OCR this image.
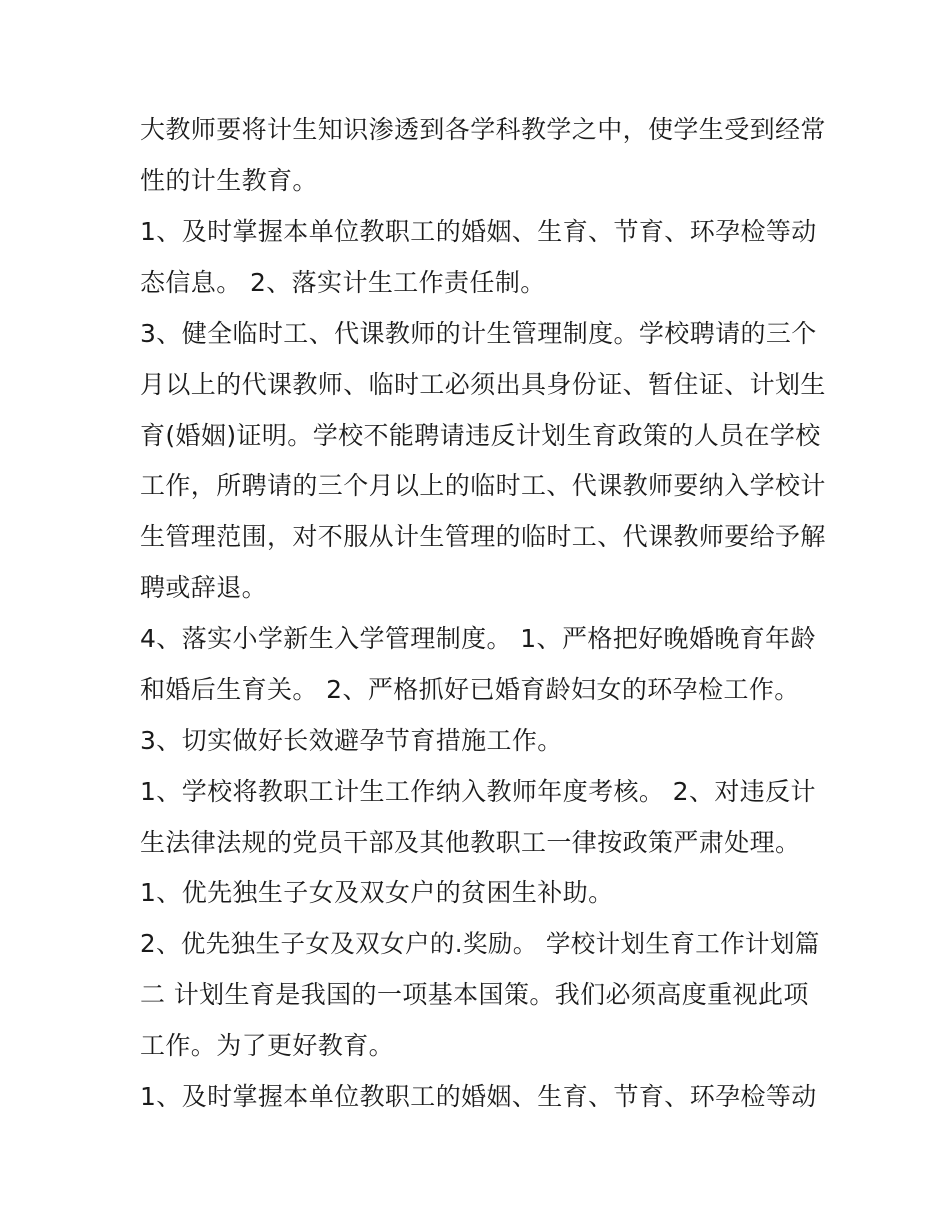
大教师要将计生知识渗透到各学科教学之中，使学生受到经常
性的计生教育。
1、及时掌握本单位教职工的婚姻、生育、节育、环孕检等动
态信息。 2、落实计生工作责任制。
3、健全临时工、代课教师的计生管理制度。学校聘请的三个
月以上的代课教师、临时工必须出具身份证、暂住证、计划生
育(婚姻)证明。学校不能聘请违反计划生育政策的人员在学校
工作，所聘请的三个月以上的临时工、代课教师要纳入学校计
生管理范围，对不服从计生管理的临时工、代课教师要给予解
聘或辞退。
4、落实小学新生入学管理制度。 1、严格把好晚婚晚育年龄
和婚后生育关。 2、严格抓好已婚育龄妇女的环孕检工作。
3、切实做好长效避孕节育措施工作。
1、学校将教职工计生工作纳入教师年度考核。 2、对违反计
生法律法规的党员干部及其他教职工一律按政策严肃处理。
1、优先独生子女及双女户的贫困生补助。
2、优先独生子女及双女户的.奖励。 学校计划生育工作计划篇
二 计划生育是我国的一项基本国策。我们必须高度重视此项
工作。为了更好教育。
1、及时掌握本单位教职工的婚姻、生育、节育、环孕检等动
